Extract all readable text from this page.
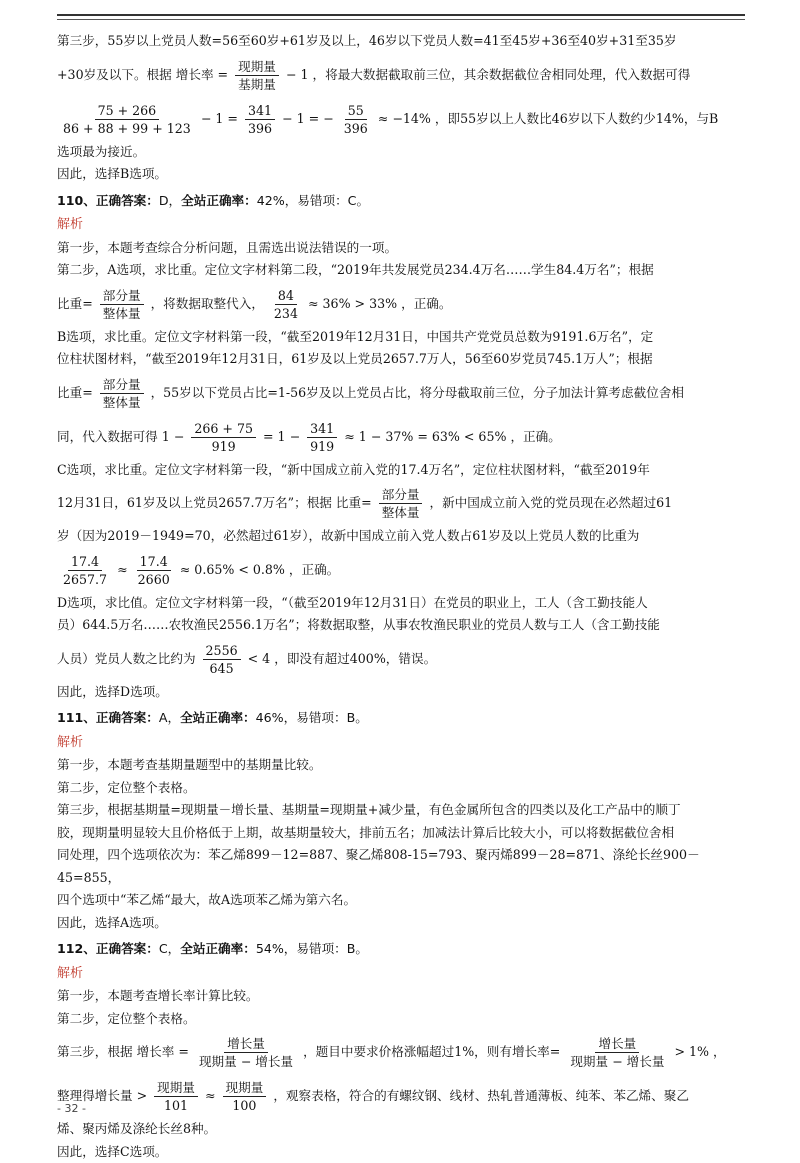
第三步，55岁以上党员人数=56至60岁+61岁及以上，46岁以下党员人数=41至45岁+36至40岁+31至35岁

+30岁及以下。根据 增长率 = $\frac{\text{现期量}}{\text{基期量}} - 1$ ，将最大数据截取前三位，其余数据截位舍相同处理，代入数据可得

$\frac{75 + 266}{86 + 88 + 99 + 123} - 1 = \frac{341}{396} - 1$ = − $\frac{55}{396} \approx -14\%$ ，即55岁以上人数比46岁以下人数约少14%，与B

选项最为接近。

因此，选择B选项。

110、正确答案：D，全站正确率：42%，易错项：C。

解析

第一步，本题考查综合分析问题，且需选出说法错误的一项。

第二步，A选项，求比重。定位文字材料第二段，“2019年共发展党员234.4万名……学生84.4万名”；根据

比重= $\frac{\text{部分量}}{\text{整体量}}$ ，将数据取整代入， $\frac{84}{234} \approx 36\% > 33\%$ ，正确。

B选项，求比重。定位文字材料第一段，“截至2019年12月31日，中国共产党党员总数为9191.6万名”，定

位柱状图材料，“截至2019年12月31日，61岁及以上党员2657.7万人，56至60岁党员745.1万人”；根据

比重= $\frac{\text{部分量}}{\text{整体量}}$ ，55岁以下党员占比=1-56岁及以上党员占比，将分母截取前三位，分子加法计算考虑截位舍相

同，代入数据可得 $1 - \frac{266 + 75}{919} = 1 - \frac{341}{919} \approx 1 - 37\% = 63\% < 65\%$ ，正确。

C选项，求比重。定位文字材料第一段，“新中国成立前入党的17.4万名”，定位柱状图材料，“截至2019年

12月31日，61岁及以上党员2657.7万名”；根据 比重= $\frac{\text{部分量}}{\text{整体量}}$ ，新中国成立前入党的党员现在必然超过61

岁（因为2019－1949=70，必然超过61岁），故新中国成立前入党人数占61岁及以上党员人数的比重为

$\frac{17.4}{2657.7} \approx \frac{17.4}{2660} \approx 0.65\% < 0.8\%$ ，正确。

D选项，求比值。定位文字材料第一段，“（截至2019年12月31日）在党员的职业上，工人（含工勤技能人

员）644.5万名……农牧渔民2556.1万名”；将数据取整，从事农牧渔民职业的党员人数与工人（含工勤技能

人员）党员人数之比约为 $\frac{2556}{645} < 4$ ，即没有超过400%，错误。

因此，选择D选项。

111、正确答案：A，全站正确率：46%，易错项：B。

解析

第一步，本题考查基期量题型中的基期量比较。

第二步，定位整个表格。

第三步，根据基期量=现期量－增长量、基期量=现期量+减少量，有色金属所包含的四类以及化工产品中的顺丁

胶，现期量明显较大且价格低于上期，故基期量较大，排前五名；加减法计算后比较大小，可以将数据截位舍相

同处理，四个选项依次为：苯乙烯899－12=887、聚乙烯808-15=793、聚丙烯899－28=871、涤纶长丝900－45=855，

四个选项中“苯乙烯“最大，故A选项苯乙烯为第六名。

因此，选择A选项。

112、正确答案：C，全站正确率：54%，易错项：B。

解析

第一步，本题考查增长率计算比较。

第二步，定位整个表格。

第三步，根据 增长率 = $\frac{\text{增长量}}{\text{现期量 − 增长量}}$ ，题目中要求价格涨幅超过1%，则有增长率= $\frac{\text{增长量}}{\text{现期量 − 增长量}} > 1\%$ ，

整理得增长量 > $\frac{\text{现期量}}{101} \approx \frac{\text{现期量}}{100}$ ，观察表格，符合的有螺纹钢、线材、热轧普通薄板、纯苯、苯乙烯、聚乙

烯、聚丙烯及涤纶长丝8种。

因此，选择C选项。

- 32 -
